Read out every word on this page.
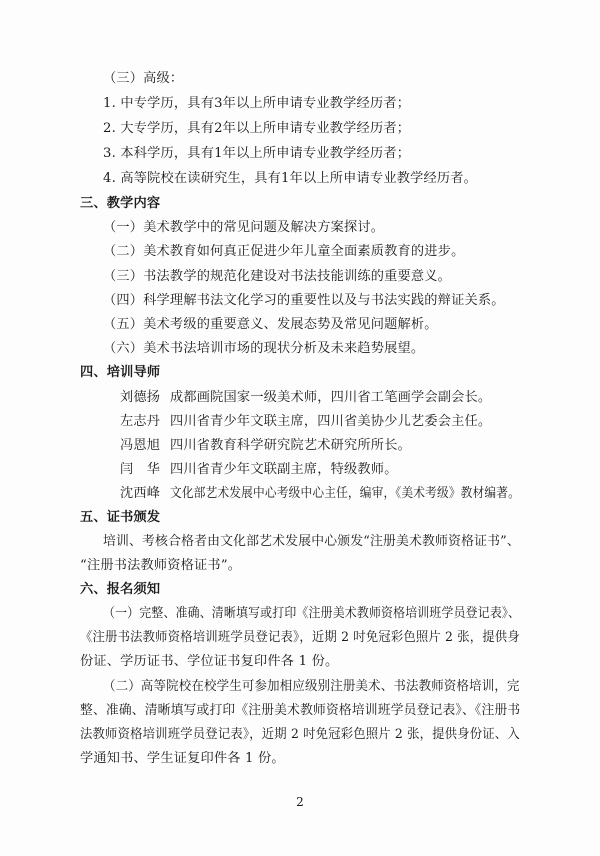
（三）高级：
1. 中专学历，具有3年以上所申请专业教学经历者；
2. 大专学历，具有2年以上所申请专业教学经历者；
3. 本科学历，具有1年以上所申请专业教学经历者；
4. 高等院校在读研究生，具有1年以上所申请专业教学经历者。
三、教学内容
（一）美术教学中的常见问题及解决方案探讨。
（二）美术教育如何真正促进少年儿童全面素质教育的进步。
（三）书法教学的规范化建设对书法技能训练的重要意义。
（四）科学理解书法文化学习的重要性以及与书法实践的辩证关系。
（五）美术考级的重要意义、发展态势及常见问题解析。
（六）美术书法培训市场的现状分析及未来趋势展望。
四、培训导师
刘德扬 成都画院国家一级美术师，四川省工笔画学会副会长。
左志丹 四川省青少年文联主席，四川省美协少儿艺委会主任。
冯恩旭 四川省教育科学研究院艺术研究所所长。
闫　华 四川省青少年文联副主席，特级教师。
沈西峰 文化部艺术发展中心考级中心主任，编审，《美术考级》教材编著。
五、证书颁发
培训、考核合格者由文化部艺术发展中心颁发“注册美术教师资格证书”、
“注册书法教师资格证书”。
六、报名须知
（一）完整、准确、清晰填写或打印《注册美术教师资格培训班学员登记表》、
《注册书法教师资格培训班学员登记表》，近期 2 吋免冠彩色照片 2 张，提供身
份证、学历证书、学位证书复印件各 1 份。
（二）高等院校在校学生可参加相应级别注册美术、书法教师资格培训，完
整、准确、清晰填写或打印《注册美术教师资格培训班学员登记表》、《注册书
法教师资格培训班学员登记表》，近期 2 吋免冠彩色照片 2 张，提供身份证、入
学通知书、学生证复印件各 1 份。
2
